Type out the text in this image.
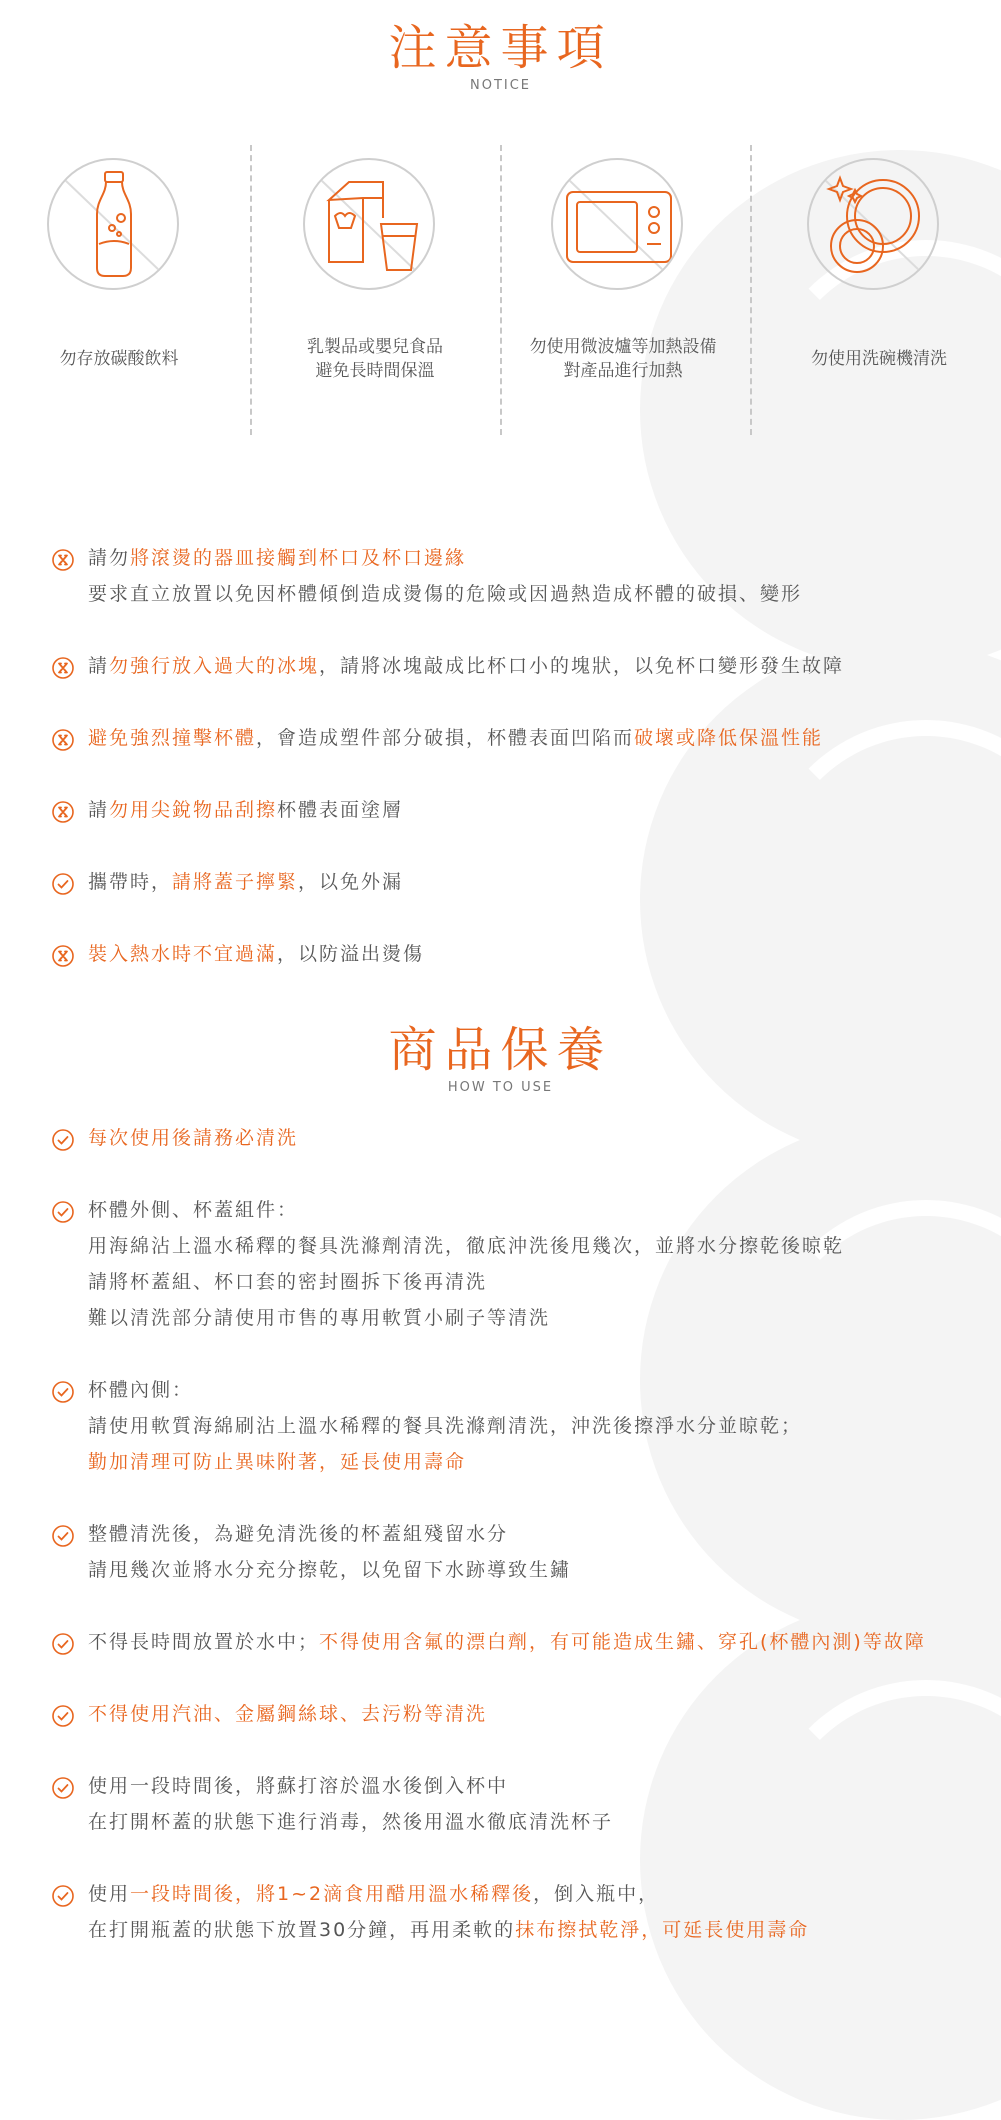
注意事項
NOTICE
勿存放碳酸飲料
乳製品或嬰兒食品
避免長時間保溫
勿使用微波爐等加熱設備
對產品進行加熱
勿使用洗碗機清洗
請勿將滾燙的器皿接觸到杯口及杯口邊緣
要求直立放置以免因杯體傾倒造成燙傷的危險或因過熱造成杯體的破損、變形
請勿強行放入過大的冰塊，請將冰塊敲成比杯口小的塊狀，以免杯口變形發生故障
避免強烈撞擊杯體，會造成塑件部分破損，杯體表面凹陷而破壞或降低保溫性能
請勿用尖銳物品刮擦杯體表面塗層
攜帶時，請將蓋子擰緊，以免外漏
裝入熱水時不宜過滿，以防溢出燙傷
商品保養
HOW TO USE
每次使用後請務必清洗
杯體外側、杯蓋組件：
用海綿沾上溫水稀釋的餐具洗滌劑清洗，徹底沖洗後甩幾次，並將水分擦乾後晾乾
請將杯蓋組、杯口套的密封圈拆下後再清洗
難以清洗部分請使用市售的專用軟質小刷子等清洗
杯體內側：
請使用軟質海綿刷沾上溫水稀釋的餐具洗滌劑清洗，沖洗後擦淨水分並晾乾；
勤加清理可防止異味附著，延長使用壽命
整體清洗後，為避免清洗後的杯蓋組殘留水分
請甩幾次並將水分充分擦乾，以免留下水跡導致生鏽
不得長時間放置於水中；不得使用含氟的漂白劑，有可能造成生鏽、穿孔(杯體內測)等故障
不得使用汽油、金屬鋼絲球、去污粉等清洗
使用一段時間後，將蘇打溶於溫水後倒入杯中
在打開杯蓋的狀態下進行消毒，然後用溫水徹底清洗杯子
使用一段時間後，將1~2滴食用醋用溫水稀釋後，倒入瓶中，
在打開瓶蓋的狀態下放置30分鐘，再用柔軟的抹布擦拭乾淨，可延長使用壽命
